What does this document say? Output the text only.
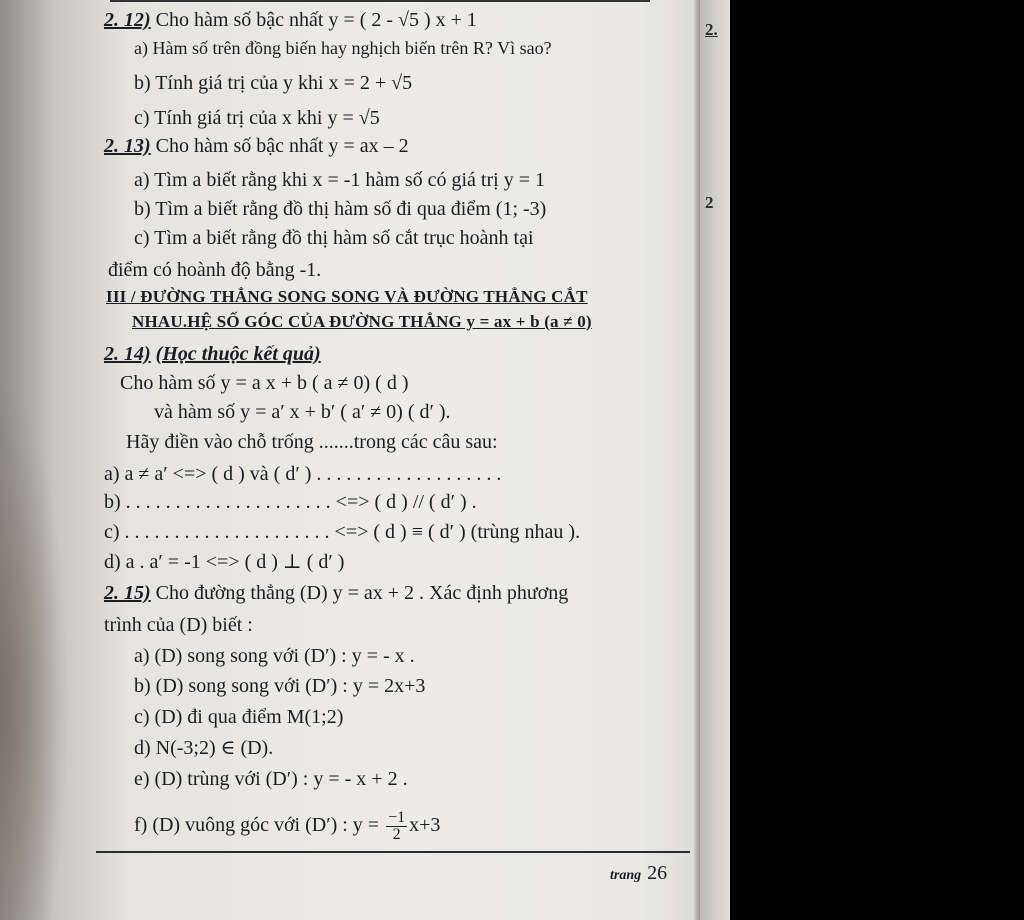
2. 12) Cho hàm số bậc nhất y = ( 2 - √5 ) x + 1
a) Hàm số trên đồng biến hay nghịch biến trên R? Vì sao?
b) Tính giá trị của y khi x = 2 + √5
c) Tính giá trị của x khi y = √5
2. 13) Cho hàm số bậc nhất y = ax – 2
a) Tìm a biết rằng khi x = -1 hàm số có giá trị y = 1
b) Tìm a biết rằng đồ thị hàm số đi qua điểm (1; -3)
c) Tìm a biết rằng đồ thị hàm số cắt trục hoành tại
điểm có hoành độ bằng -1.
III / ĐƯỜNG THẲNG SONG SONG VÀ ĐƯỜNG THẲNG CẮT
NHAU.HỆ SỐ GÓC CỦA ĐƯỜNG THẲNG y = ax + b (a ≠ 0)
2. 14) (Học thuộc kết quả)
Cho hàm số y = a x + b ( a ≠ 0) ( d )
và hàm số y = a′ x + b′ ( a′ ≠ 0) ( d′ ).
Hãy điền vào chỗ trống .......trong các câu sau:
a) a ≠ a′ <=> ( d ) và ( d′ ) . . . . . . . . . . . . . . . . . . .
b) . . . . . . . . . . . . . . . . . . . . . <=> ( d ) // ( d′ ) .
c) . . . . . . . . . . . . . . . . . . . . . <=> ( d ) ≡ ( d′ ) (trùng nhau ).
d) a . a′ = -1 <=> ( d ) ⊥ ( d′ )
2. 15) Cho đường thẳng (D) y = ax + 2 . Xác định phương
trình của (D) biết :
a) (D) song song với (D′) : y = - x .
b) (D) song song với (D′) : y = 2x+3
c) (D) đi qua điểm M(1;2)
d) N(-3;2) ∈ (D).
e) (D) trùng với (D′) : y = - x + 2 .
f) (D) vuông góc với (D′) : $y = \frac{-1}{2} x+3$
trang 26
2.
2
